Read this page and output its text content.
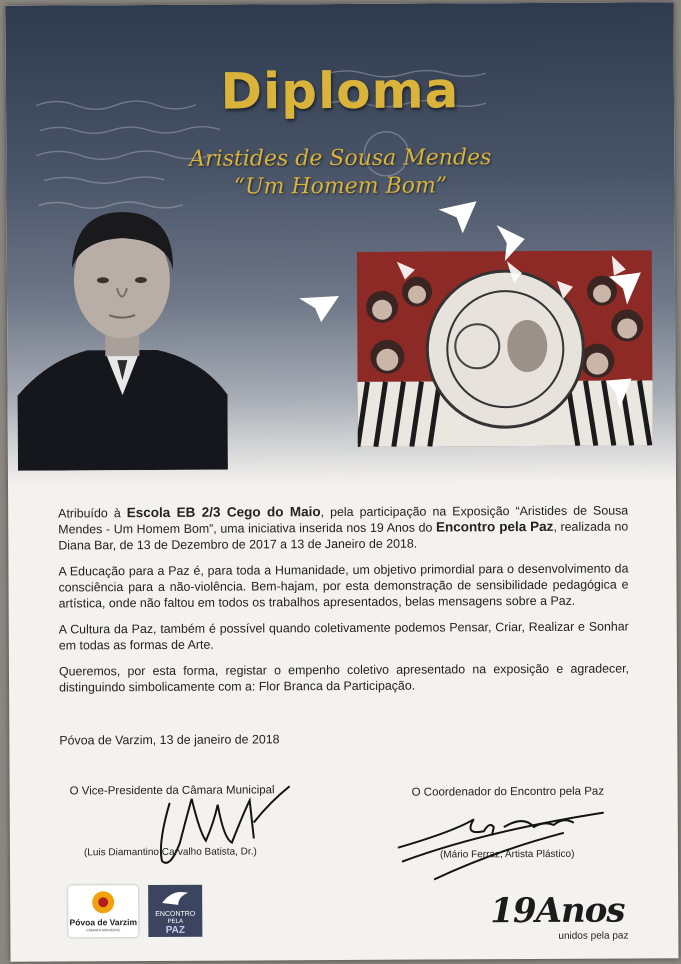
Diploma
Aristides de Sousa Mendes
“Um Homem Bom”

Atribuído à Escola EB 2/3 Cego do Maio, pela participação na Exposição “Aristides de Sousa Mendes - Um Homem Bom”, uma iniciativa inserida nos 19 Anos do Encontro pela Paz, realizada no Diana Bar, de 13 de Dezembro de 2017 a 13 de Janeiro de 2018.

A Educação para a Paz é, para toda a Humanidade, um objetivo primordial para o desenvolvimento da consciência para a não-violência. Bem-hajam, por esta demonstração de sensibilidade pedagógica e artística, onde não faltou em todos os trabalhos apresentados, belas mensagens sobre a Paz.

A Cultura da Paz, também é possível quando coletivamente podemos Pensar, Criar, Realizar e Sonhar em todas as formas de Arte.

Queremos, por esta forma, registar o empenho coletivo apresentado na exposição e agradecer, distinguindo simbolicamente com a: Flor Branca da Participação.

Póvoa de Varzim, 13 de janeiro de 2018
O Vice-Presidente da Câmara Municipal
(Luis Diamantino Carvalho Batista, Dr.)
O Coordenador do Encontro pela Paz
(Mário Ferraz, Artista Plástico)
Póvoa de Varzim
CÂMARA MUNICIPAL
ENCONTRO
PELA
PAZ	19Anos
unidos pela paz
